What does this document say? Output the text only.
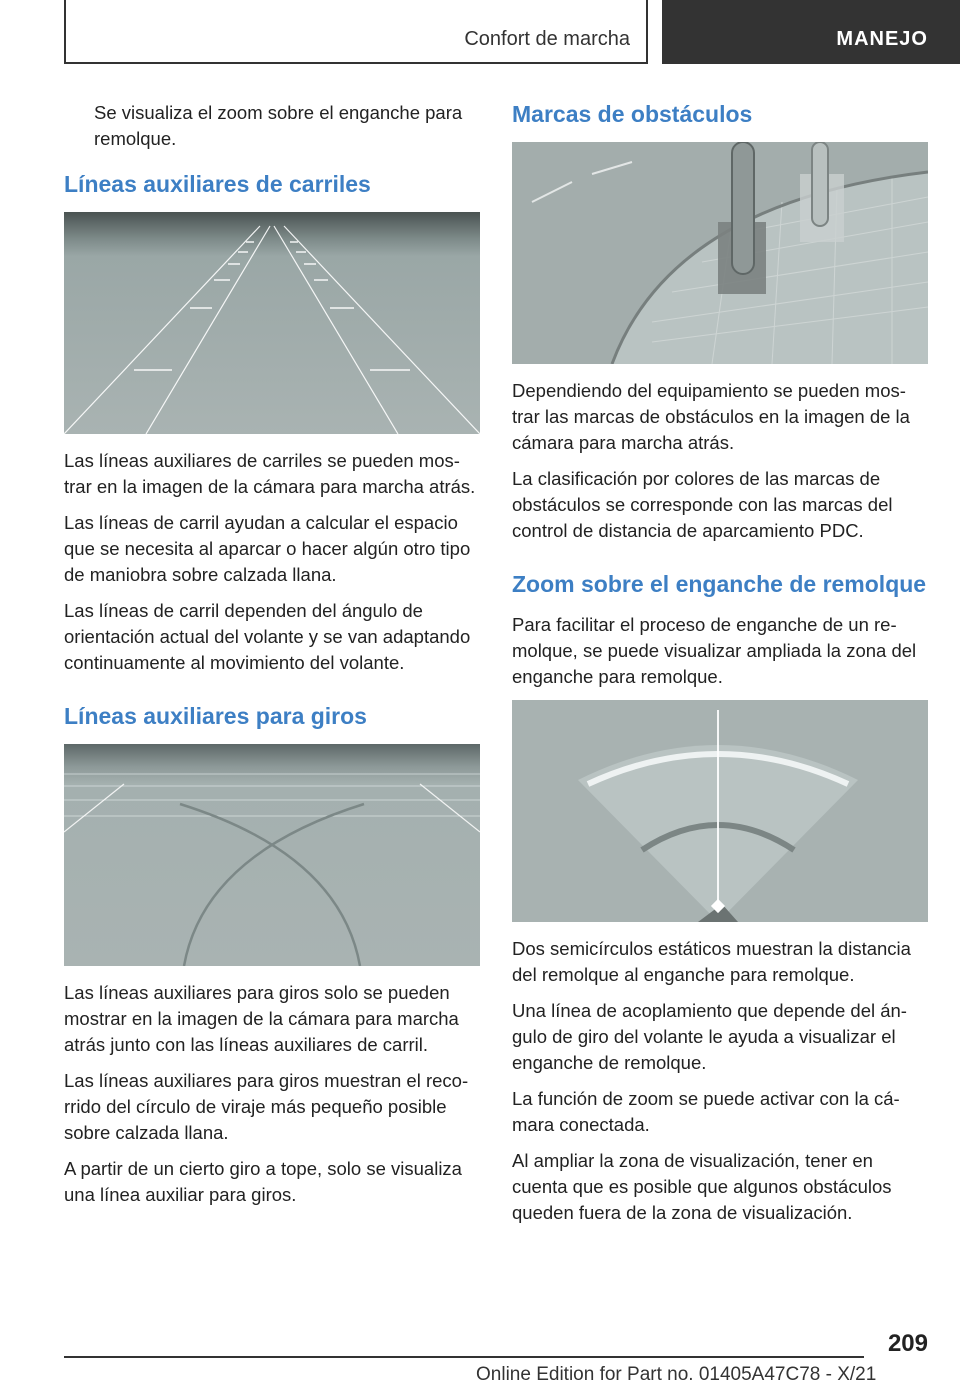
Confort de marcha	MANEJO

Se visualiza el zoom sobre el enganche para remolque.

Líneas auxiliares de carriles

Las líneas auxiliares de carriles se pueden mos‐trar en la imagen de la cámara para marcha atrás.

Las líneas de carril ayudan a calcular el espacio que se necesita al aparcar o hacer algún otro tipo de maniobra sobre calzada llana.

Las líneas de carril dependen del ángulo de orientación actual del volante y se van adaptando continuamente al movimiento del volante.

Líneas auxiliares para giros

Las líneas auxiliares para giros solo se pueden mostrar en la imagen de la cámara para marcha atrás junto con las líneas auxiliares de carril.

Las líneas auxiliares para giros muestran el reco‐rrido del círculo de viraje más pequeño posible sobre calzada llana.

A partir de un cierto giro a tope, solo se visualiza una línea auxiliar para giros.

Marcas de obstáculos

Dependiendo del equipamiento se pueden mos‐trar las marcas de obstáculos en la imagen de la cámara para marcha atrás.

La clasificación por colores de las marcas de obstáculos se corresponde con las marcas del control de distancia de aparcamiento PDC.

Zoom sobre el enganche de remolque

Para facilitar el proceso de enganche de un re‐molque, se puede visualizar ampliada la zona del enganche para remolque.

Dos semicírculos estáticos muestran la distancia del remolque al enganche para remolque.

Una línea de acoplamiento que depende del án‐gulo de giro del volante le ayuda a visualizar el enganche de remolque.

La función de zoom se puede activar con la cá‐mara conectada.

Al ampliar la zona de visualización, tener en cuenta que es posible que algunos obstáculos queden fuera de la zona de visualización.

209
Online Edition for Part no. 01405A47C78 - X/21
